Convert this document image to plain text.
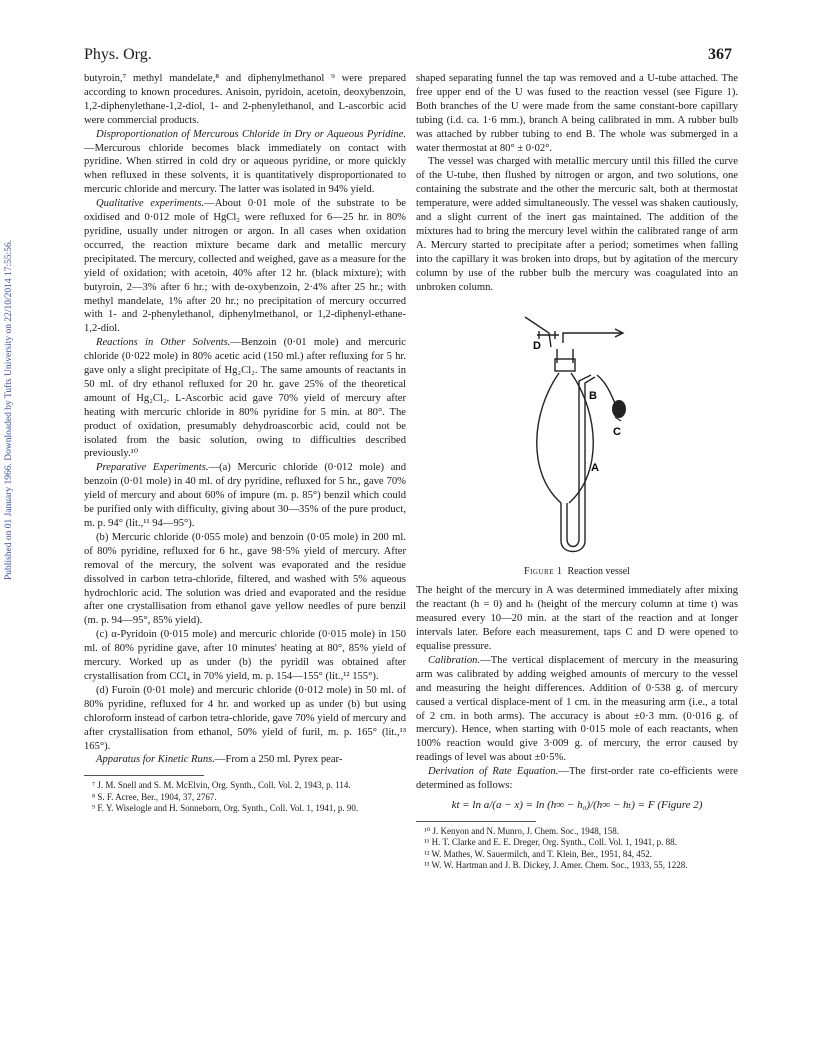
Phys. Org.	367
Published on 01 January 1966. Downloaded by Tufts University on 22/10/2014 17:55:56.

butyroin,⁷ methyl mandelate,⁸ and diphenylmethanol ⁹ were prepared according to known procedures. Anisoin, pyridoin, acetoin, deoxybenzoin, 1,2-diphenylethane-1,2-diol, 1- and 2-phenylethanol, and L-ascorbic acid were commercial products.

Disproportionation of Mercurous Chloride in Dry or Aqueous Pyridine.—Mercurous chloride becomes black immediately on contact with pyridine. When stirred in cold dry or aqueous pyridine, or more quickly when refluxed in these solvents, it is quantitatively disproportionated to mercuric chloride and mercury. The latter was isolated in 94% yield.

Qualitative experiments.—About 0·01 mole of the substrate to be oxidised and 0·012 mole of HgCl₂ were refluxed for 6—25 hr. in 80% pyridine, usually under nitrogen or argon. In all cases when oxidation occurred, the reaction mixture became dark and metallic mercury precipitated. The mercury, collected and weighed, gave as a measure for the yield of oxidation; with acetoin, 40% after 12 hr. (black mixture); with butyroin, 2—3% after 6 hr.; with de-oxybenzoin, 2·4% after 25 hr.; with methyl mandelate, 1% after 20 hr.; no precipitation of mercury occurred with 1- and 2-phenylethanol, diphenylmethanol, or 1,2-diphenyl-ethane-1,2-diol.

Reactions in Other Solvents.—Benzoin (0·01 mole) and mercuric chloride (0·022 mole) in 80% acetic acid (150 ml.) after refluxing for 5 hr. gave only a slight precipitate of Hg₂Cl₂. The same amounts of reactants in 50 ml. of dry ethanol refluxed for 20 hr. gave 25% of the theoretical amount of Hg₂Cl₂. L-Ascorbic acid gave 70% yield of mercury after heating with mercuric chloride in 80% pyridine for 5 min. at 80°. The product of oxidation, presumably dehydroascorbic acid, could not be isolated from the basic solution, owing to difficulties described previously.¹⁰

Preparative Experiments.—(a) Mercuric chloride (0·012 mole) and benzoin (0·01 mole) in 40 ml. of dry pyridine, refluxed for 5 hr., gave 70% yield of mercury and about 60% of impure (m. p. 85°) benzil which could be purified only with difficulty, giving about 30—35% of the pure product, m. p. 94° (lit.,¹¹ 94—95°).

(b) Mercuric chloride (0·055 mole) and benzoin (0·05 mole) in 200 ml. of 80% pyridine, refluxed for 6 hr., gave 98·5% yield of mercury. After removal of the mercury, the solvent was evaporated and the residue dissolved in carbon tetra-chloride, filtered, and washed with 5% aqueous hydrochloric acid. The solution was dried and evaporated and the residue after one crystallisation from ethanol gave yellow needles of pure benzil (m. p. 94—95°, 85% yield).

(c) α-Pyridoin (0·015 mole) and mercuric chloride (0·015 mole) in 150 ml. of 80% pyridine gave, after 10 minutes' heating at 80°, 85% yield of mercury. Worked up as under (b) the pyridil was obtained after crystallisation from CCl₄ in 70% yield, m. p. 154—155° (lit.,¹² 155°).

(d) Furoin (0·01 mole) and mercuric chloride (0·012 mole) in 50 ml. of 80% pyridine, refluxed for 4 hr. and worked up as under (b) but using chloroform instead of carbon tetra-chloride, gave 70% yield of mercury and after crystallisation from ethanol, 50% yield of furil, m. p. 165° (lit.,¹³ 165°).

Apparatus for Kinetic Runs.—From a 250 ml. Pyrex pear-

⁷ J. M. Snell and S. M. McElvin, Org. Synth., Coll. Vol. 2, 1943, p. 114.
⁸ S. F. Acree, Ber., 1904, 37, 2767.
⁹ F. Y. Wiselogle and H. Sonneborn, Org. Synth., Coll. Vol. 1, 1941, p. 90.

shaped separating funnel the tap was removed and a U-tube attached. The free upper end of the U was fused to the reaction vessel (see Figure 1). Both branches of the U were made from the same constant-bore capillary tubing (i.d. ca. 1·6 mm.), branch A being calibrated in mm. A rubber bulb was attached by rubber tubing to end B. The whole was submerged in a water thermostat at 80° ± 0·02°.

The vessel was charged with metallic mercury until this filled the curve of the U-tube, then flushed by nitrogen or argon, and two solutions, one containing the substrate and the other the mercuric salt, both at thermostat temperature, were added simultaneously. The vessel was shaken cautiously, and a slight current of the inert gas maintained. The addition of the mixtures had to bring the mercury level within the calibrated range of arm A. Mercury started to precipitate after a period; sometimes when falling into the capillary it was broken into drops, but by agitation of the mercury column by use of the rubber bulb the mercury was coagulated into an unbroken column.

D
B
C
A
Figure 1 Reaction vessel

The height of the mercury in A was determined immediately after mixing the reactant (h = 0) and hₜ (height of the mercury column at time t) was measured every 10—20 min. at the start of the reaction and at longer intervals later. Before each measurement, taps C and D were opened to equalise pressure.

Calibration.—The vertical displacement of mercury in the measuring arm was calibrated by adding weighed amounts of mercury to the vessel and measuring the height differences. Addition of 0·538 g. of mercury caused a vertical displace-ment of 1 cm. in the measuring arm (i.e., a total of 2 cm. in both arms). The accuracy is about ±0·3 mm. (0·016 g. of mercury). Hence, when starting with 0·015 mole of each reactants, when 100% reaction would give 3·009 g. of mercury, the error caused by readings of level was about ±0·5%.

Derivation of Rate Equation.—The first-order rate co-efficients were determined as follows:

kt = ln a/(a − x) = ln (h∞ − h₀)/(h∞ − hₜ) = F (Figure 2)
¹⁰ J. Kenyon and N. Munro, J. Chem. Soc., 1948, 158.
¹¹ H. T. Clarke and E. E. Dreger, Org. Synth., Coll. Vol. 1, 1941, p. 88.
¹² W. Mathes, W. Sauermilch, and T. Klein, Ber., 1951, 84, 452.
¹³ W. W. Hartman and J. B. Dickey, J. Amer. Chem. Soc., 1933, 55, 1228.
